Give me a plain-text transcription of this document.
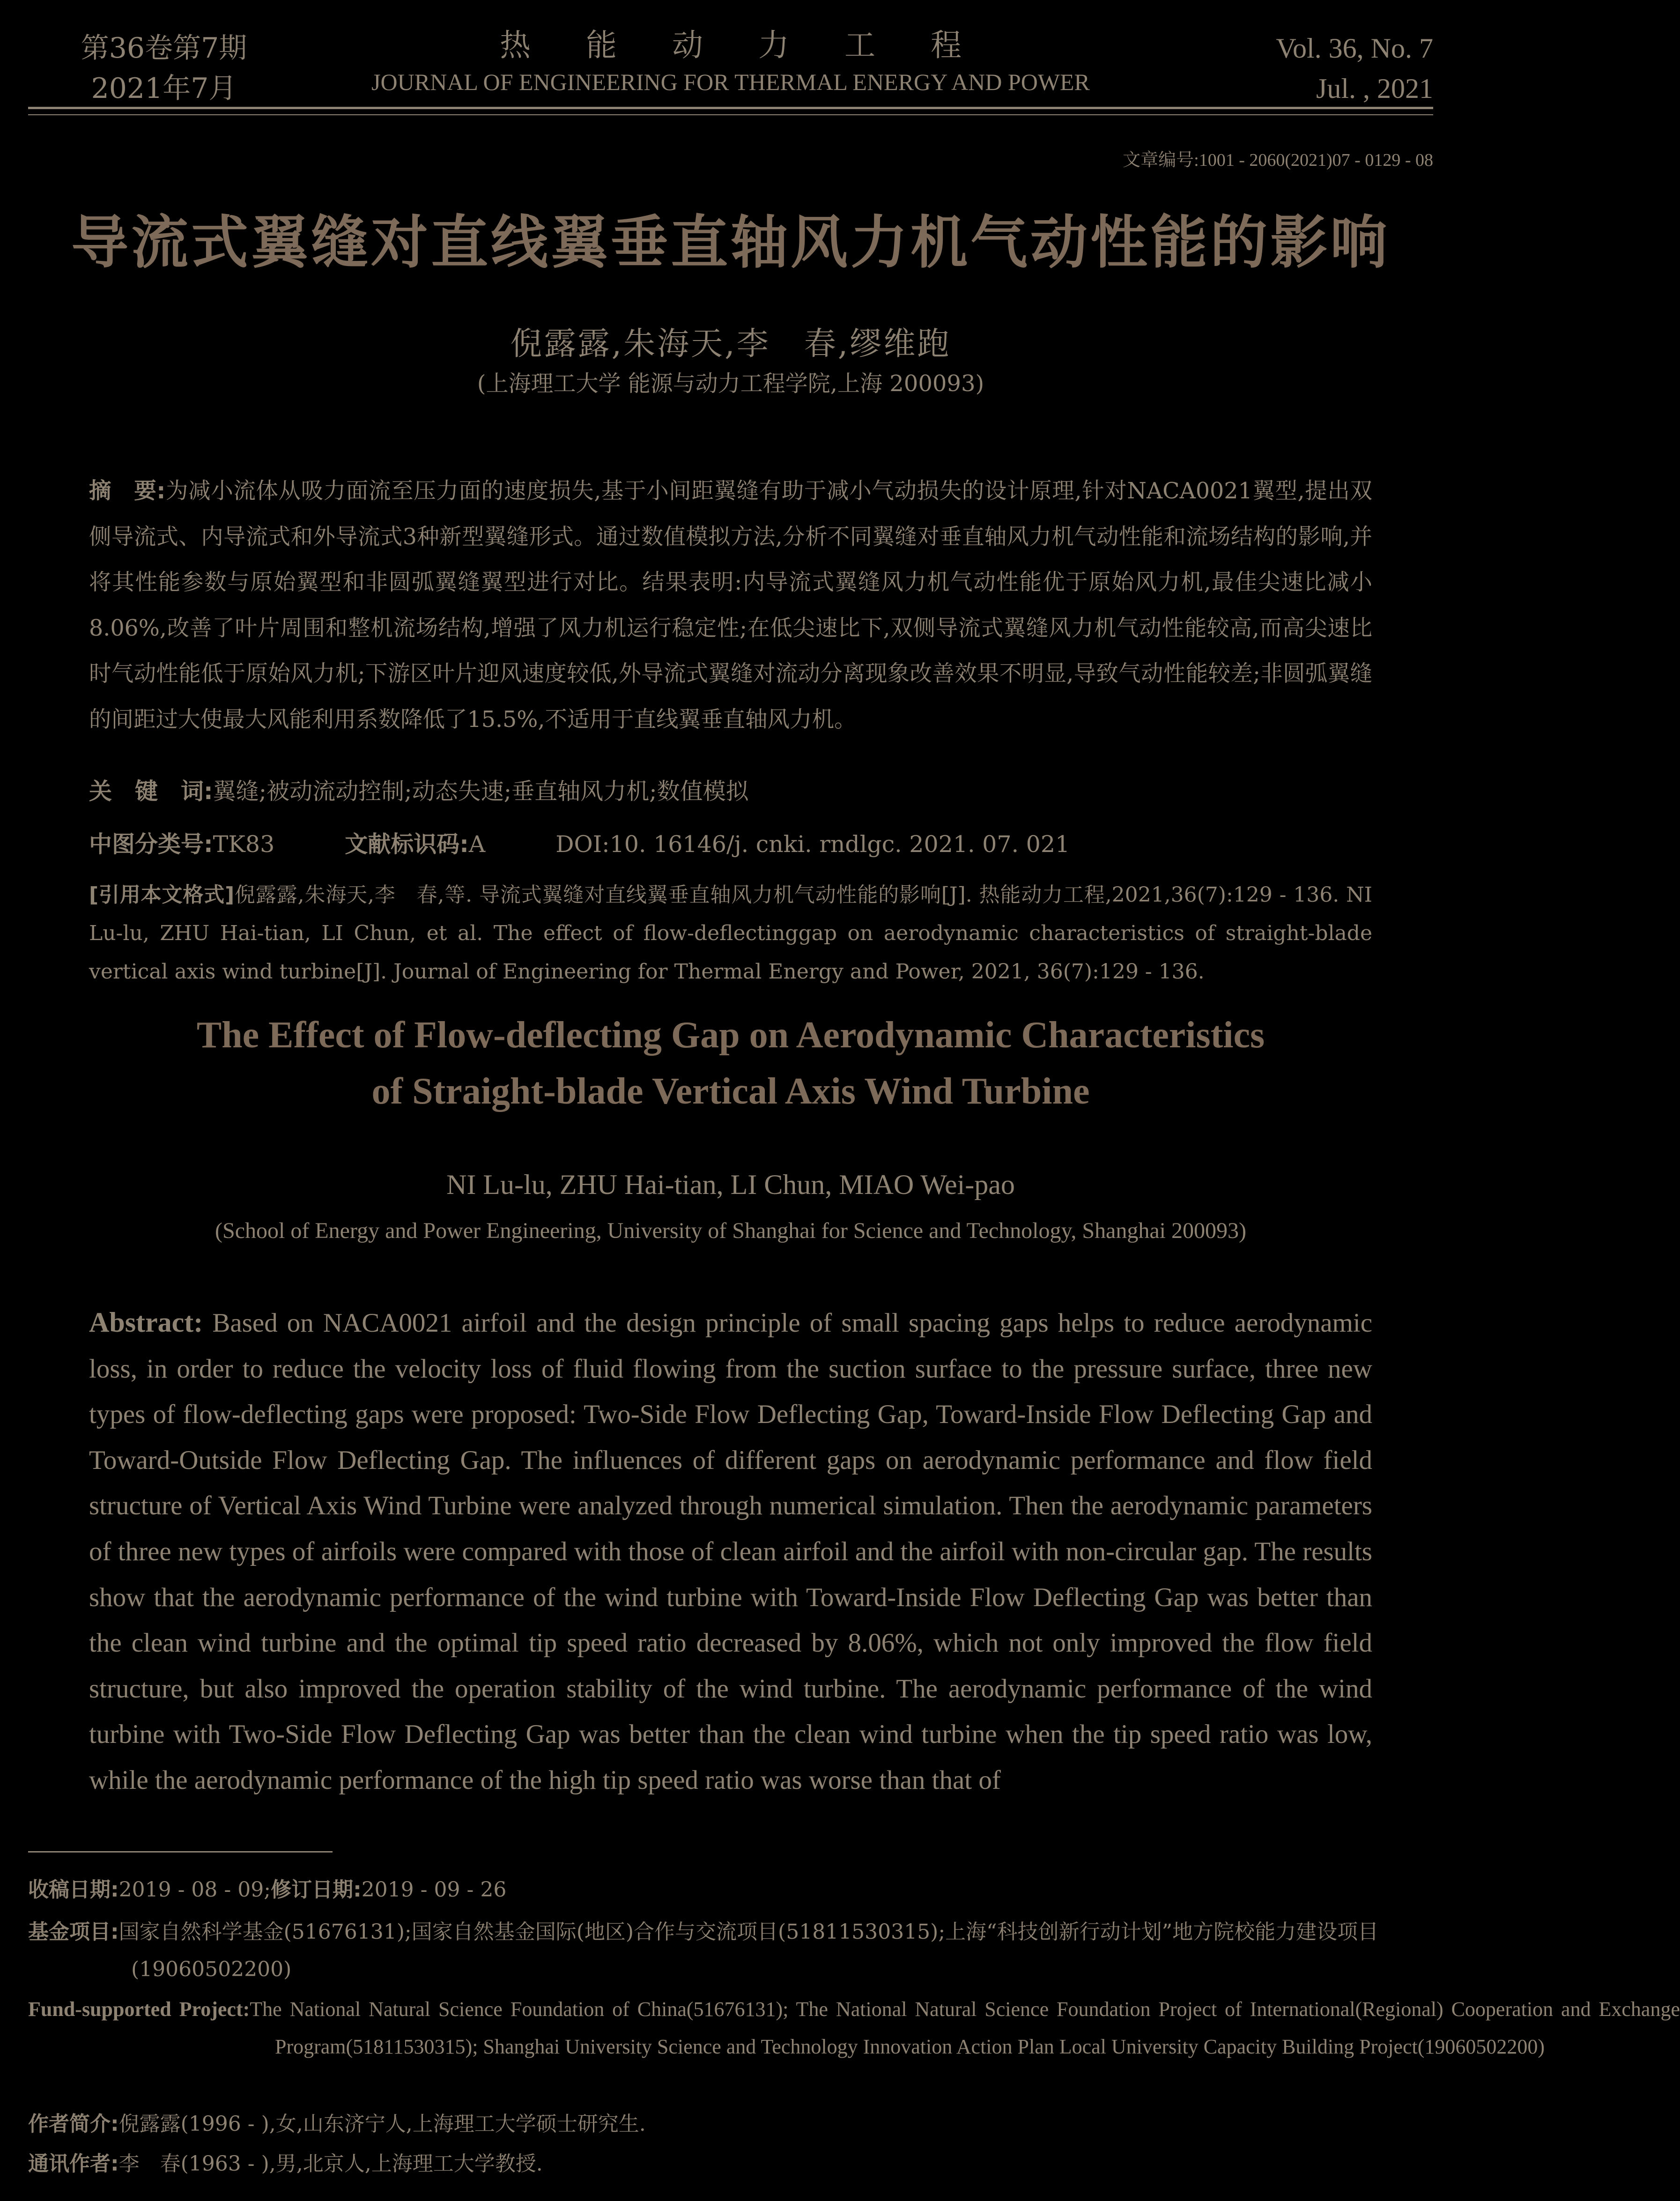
第36卷第7期
2021年7月
热能动力工程
JOURNAL OF ENGINEERING FOR THERMAL ENERGY AND POWER
Vol. 36, No. 7
Jul. , 2021
文章编号:1001 - 2060(2021)07 - 0129 - 08
导流式翼缝对直线翼垂直轴风力机气动性能的影响
倪露露,朱海天,李　春,缪维跑
(上海理工大学 能源与动力工程学院,上海 200093)
摘　要:为减小流体从吸力面流至压力面的速度损失,基于小间距翼缝有助于减小气动损失的设计原理,针对NACA0021翼型,提出双侧导流式、内导流式和外导流式3种新型翼缝形式。通过数值模拟方法,分析不同翼缝对垂直轴风力机气动性能和流场结构的影响,并将其性能参数与原始翼型和非圆弧翼缝翼型进行对比。结果表明:内导流式翼缝风力机气动性能优于原始风力机,最佳尖速比减小8.06%,改善了叶片周围和整机流场结构,增强了风力机运行稳定性;在低尖速比下,双侧导流式翼缝风力机气动性能较高,而高尖速比时气动性能低于原始风力机;下游区叶片迎风速度较低,外导流式翼缝对流动分离现象改善效果不明显,导致气动性能较差;非圆弧翼缝的间距过大使最大风能利用系数降低了15.5%,不适用于直线翼垂直轴风力机。
关　键　词:翼缝;被动流动控制;动态失速;垂直轴风力机;数值模拟
中图分类号:TK83	文献标识码:A	DOI:10. 16146/j. cnki. rndlgc. 2021. 07. 021
[引用本文格式]倪露露,朱海天,李　春,等. 导流式翼缝对直线翼垂直轴风力机气动性能的影响[J]. 热能动力工程,2021,36(7):129 - 136. NI Lu-lu, ZHU Hai-tian, LI Chun, et al. The effect of flow-deflectinggap on aerodynamic characteristics of straight-blade vertical axis wind turbine[J]. Journal of Engineering for Thermal Energy and Power, 2021, 36(7):129 - 136.
The Effect of Flow-deflecting Gap on Aerodynamic Characteristics
of Straight-blade Vertical Axis Wind Turbine
NI Lu-lu, ZHU Hai-tian, LI Chun, MIAO Wei-pao
(School of Energy and Power Engineering, University of Shanghai for Science and Technology, Shanghai 200093)
Abstract: Based on NACA0021 airfoil and the design principle of small spacing gaps helps to reduce aerodynamic loss, in order to reduce the velocity loss of fluid flowing from the suction surface to the pressure surface, three new types of flow-deflecting gaps were proposed: Two-Side Flow Deflecting Gap, Toward-Inside Flow Deflecting Gap and Toward-Outside Flow Deflecting Gap. The influences of different gaps on aerodynamic performance and flow field structure of Vertical Axis Wind Turbine were analyzed through numerical simulation. Then the aerodynamic parameters of three new types of airfoils were compared with those of clean airfoil and the airfoil with non-circular gap. The results show that the aerodynamic performance of the wind turbine with Toward-Inside Flow Deflecting Gap was better than the clean wind turbine and the optimal tip speed ratio decreased by 8.06%, which not only improved the flow field structure, but also improved the operation stability of the wind turbine. The aerodynamic performance of the wind turbine with Two-Side Flow Deflecting Gap was better than the clean wind turbine when the tip speed ratio was low, while the aerodynamic performance of the high tip speed ratio was worse than that of
收稿日期:2019 - 08 - 09;修订日期:2019 - 09 - 26
基金项目:国家自然科学基金(51676131);国家自然基金国际(地区)合作与交流项目(51811530315);上海“科技创新行动计划”地方院校能力建设项目(19060502200)
Fund-supported Project:The National Natural Science Foundation of China(51676131); The National Natural Science Foundation Project of International(Regional) Cooperation and Exchange Program(51811530315); Shanghai University Science and Technology Innovation Action Plan Local University Capacity Building Project(19060502200)
作者简介:倪露露(1996 - ),女,山东济宁人,上海理工大学硕士研究生.
通讯作者:李　春(1963 - ),男,北京人,上海理工大学教授.
